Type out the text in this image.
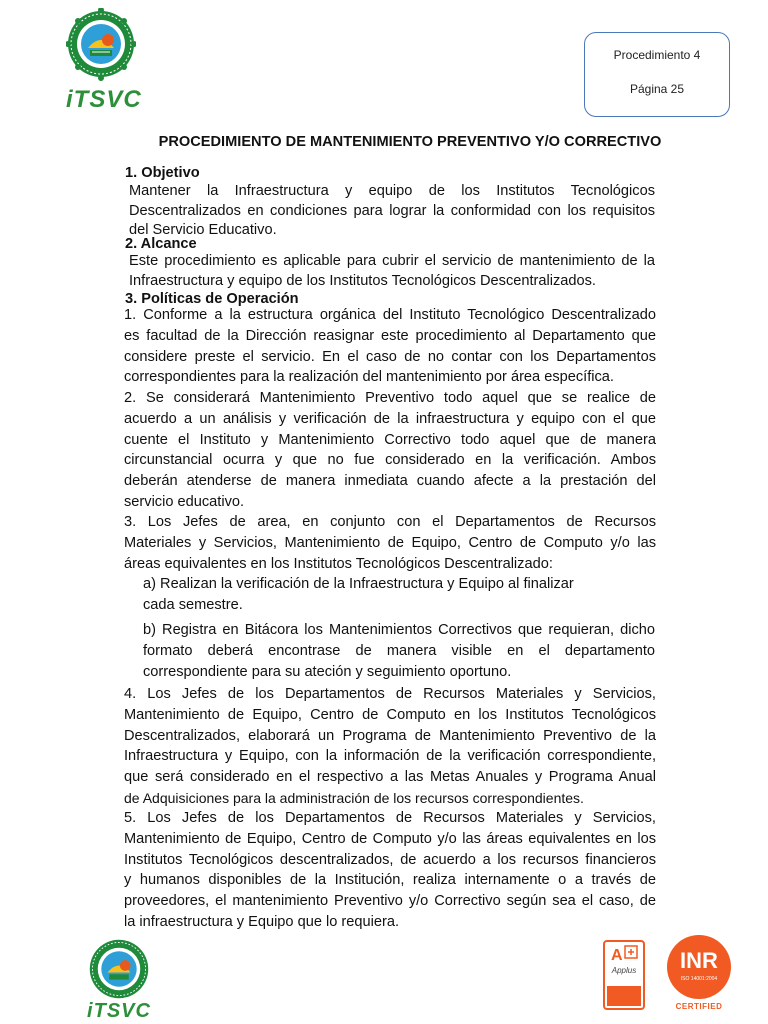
iTSVC
Procedimiento 4
Página 25
PROCEDIMIENTO DE MANTENIMIENTO PREVENTIVO Y/O CORRECTIVO
1. Objetivo
Mantener la Infraestructura y equipo de los Institutos Tecnológicos
Descentralizados en condiciones para lograr la conformidad con los requisitos
del Servicio Educativo.
2. Alcance
Este procedimiento es aplicable para cubrir el servicio de mantenimiento de la
Infraestructura y equipo de los Institutos Tecnológicos Descentralizados.
3. Políticas de Operación
1. Conforme a la estructura orgánica del Instituto Tecnológico Descentralizado
es facultad de la Dirección reasignar este procedimiento al Departamento que
considere preste el servicio. En el caso de no contar con los Departamentos
correspondientes para la realización del mantenimiento por área específica.
2. Se considerará Mantenimiento Preventivo todo aquel que se realice de
acuerdo a un análisis y verificación de la infraestructura y equipo con el que
cuente el Instituto y Mantenimiento Correctivo todo aquel que de manera
circunstancial ocurra y que no fue considerado en la verificación. Ambos
deberán atenderse de manera inmediata cuando afecte a la prestación del
servicio educativo.
3. Los Jefes de area, en conjunto con el Departamentos de Recursos
Materiales y Servicios, Mantenimiento de Equipo, Centro de Computo y/o las
áreas equivalentes en los Institutos Tecnológicos Descentralizado:
a) Realizan la verificación de la Infraestructura y Equipo al finalizar
cada semestre.
b) Registra en Bitácora los Mantenimientos Correctivos que requieran, dicho
formato deberá encontrase de manera visible en el departamento
correspondiente para su ateción y seguimiento oportuno.
4. Los Jefes de los Departamentos de Recursos Materiales y Servicios,
Mantenimiento de Equipo, Centro de Computo en los Institutos Tecnológicos
Descentralizados, elaborará un Programa de Mantenimiento Preventivo de la
Infraestructura y Equipo, con la información de la verificación correspondiente,
que será considerado en el respectivo a las Metas Anuales y Programa Anual
de Adquisiciones para la administración de los recursos correspondientes.
5. Los Jefes de los Departamentos de Recursos Materiales y Servicios,
Mantenimiento de Equipo, Centro de Computo y/o las áreas equivalentes en los
Institutos Tecnológicos descentralizados, de acuerdo a los recursos financieros
y humanos disponibles de la Institución, realiza internamente o a través de
proveedores, el mantenimiento Preventivo y/o Correctivo según sea el caso, de
la infraestructura y Equipo que lo requiera.
iTSVC
A
Applus	INR
ISO 14001:2004
CERTIFIED
